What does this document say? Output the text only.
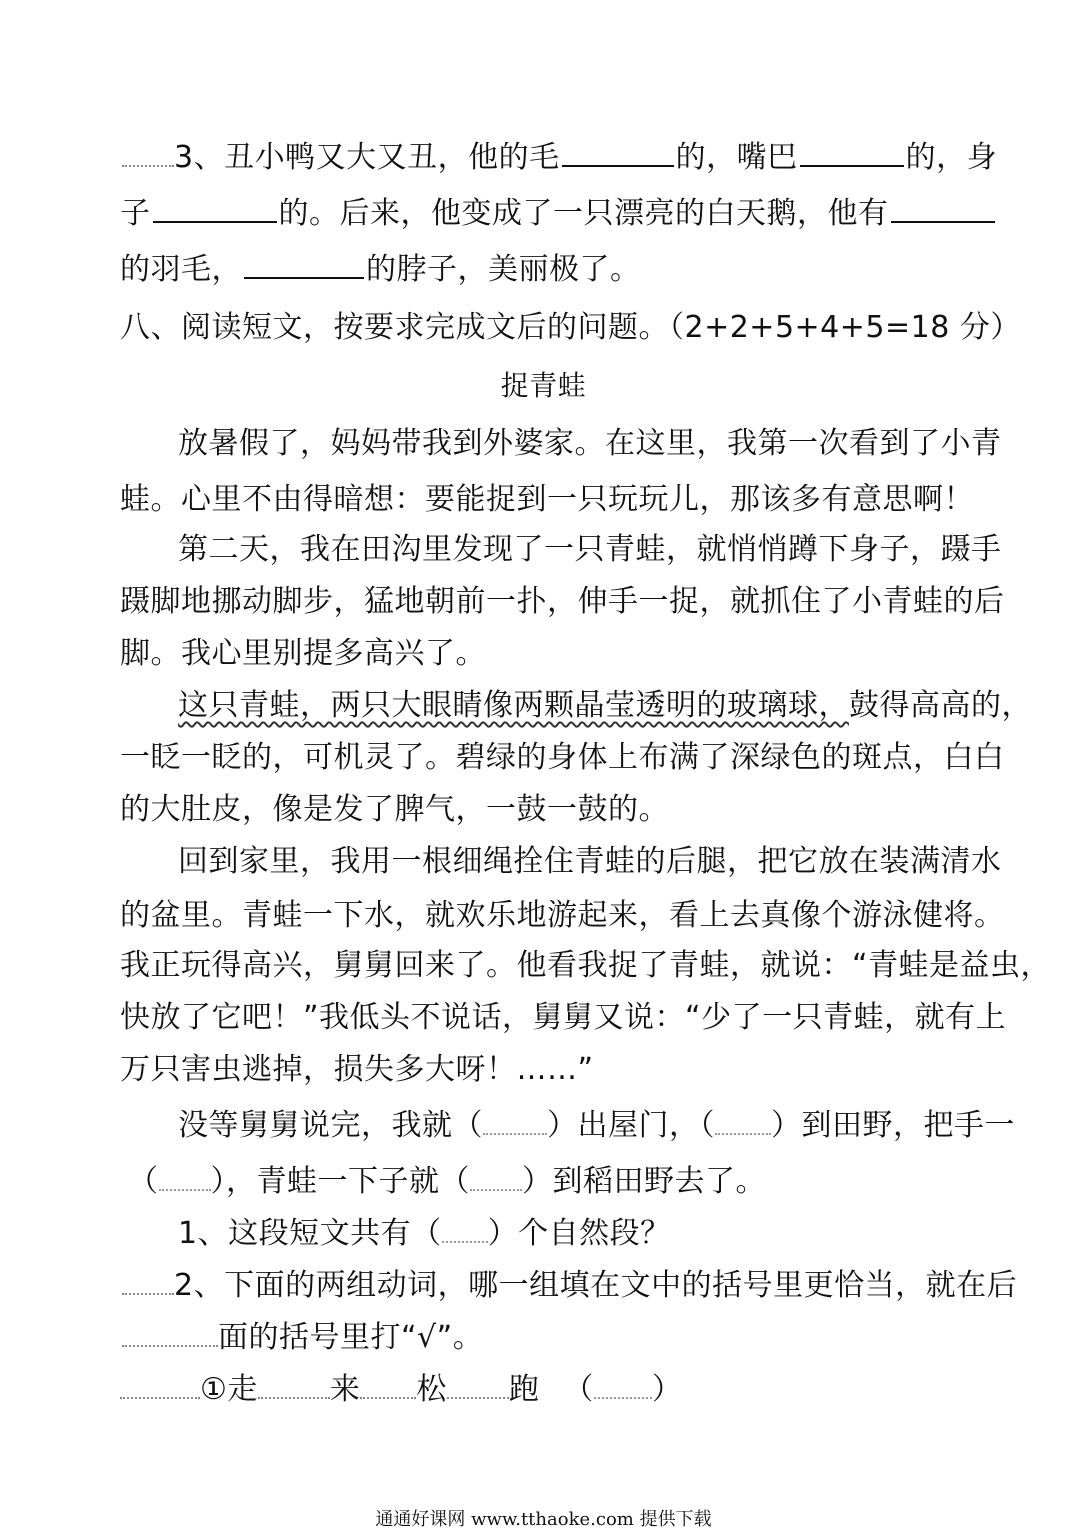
3、丑小鸭又大又丑，他的毛	的，嘴巴	的，身
子	的。后来，他变成了一只漂亮的白天鹅，他有
的羽毛，	的脖子，美丽极了。
八、阅读短文，按要求完成文后的问题。（2+2+5+4+5=18 分）
捉青蛙
放暑假了，妈妈带我到外婆家。在这里，我第一次看到了小青
蛙。心里不由得暗想：要能捉到一只玩玩儿，那该多有意思啊！
第二天，我在田沟里发现了一只青蛙，就悄悄蹲下身子，蹑手
蹑脚地挪动脚步，猛地朝前一扑，伸手一捉，就抓住了小青蛙的后
脚。我心里别提多高兴了。
这只青蛙，两只大眼睛像两颗晶莹透明的玻璃球，鼓得高高的，
一眨一眨的，可机灵了。碧绿的身体上布满了深绿色的斑点，白白
的大肚皮，像是发了脾气，一鼓一鼓的。
回到家里，我用一根细绳拴住青蛙的后腿，把它放在装满清水
的盆里。青蛙一下水，就欢乐地游起来，看上去真像个游泳健将。
我正玩得高兴，舅舅回来了。他看我捉了青蛙，就说：“青蛙是益虫，
快放了它吧！”我低头不说话，舅舅又说：“少了一只青蛙，就有上
万只害虫逃掉，损失多大呀！……”
没等舅舅说完，我就（ ）出屋门，（ ）到田野，把手一
（ ），青蛙一下子就（ ）到稻田野去了。
1、这段短文共有（ ）个自然段？
2、下面的两组动词，哪一组填在文中的括号里更恰当，就在后
面的括号里打“√”。
①走 来 松 跑 （ ）
通通好课网 www.tthaoke.com 提供下载
